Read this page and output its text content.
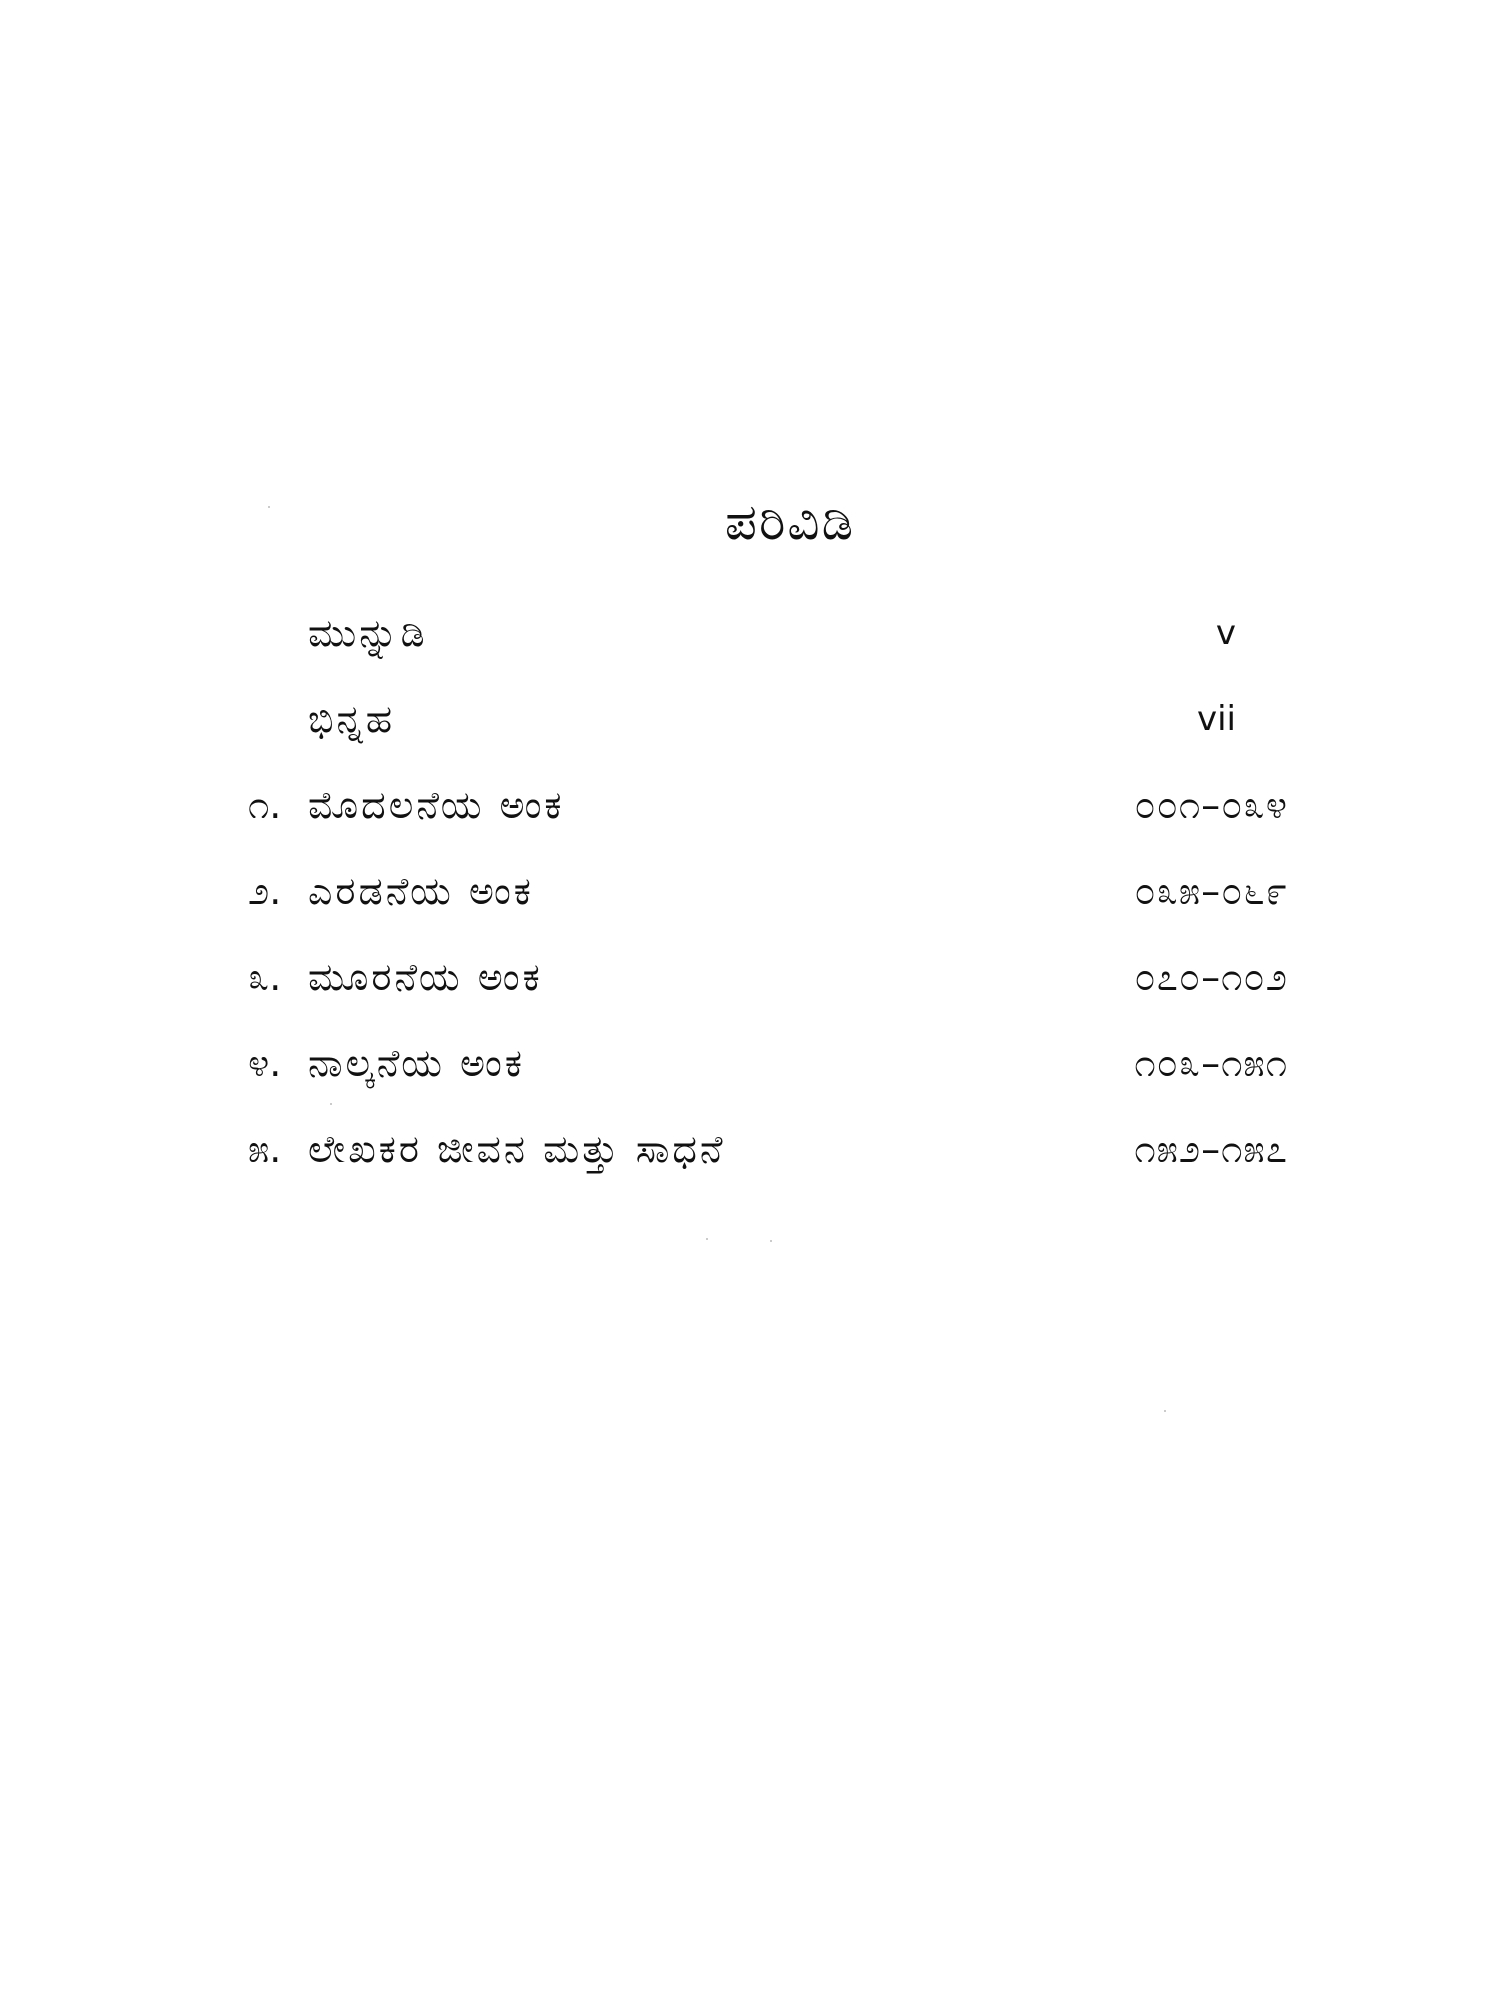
ಪರಿವಿಡಿ
ಮುನ್ನುಡಿ	v
ಭಿನ್ನಹ	vii
೧. ಮೊದಲನೆಯ ಅಂಕ	೦೦೧–೦೩೪
೨. ಎರಡನೆಯ ಅಂಕ	೦೩೫–೦೬೯
೩. ಮೂರನೆಯ ಅಂಕ	೦೭೦–೧೦೨
೪. ನಾಲ್ಕನೆಯ ಅಂಕ	೧೦೩–೧೫೧
೫. ಲೇಖಕರ ಜೀವನ ಮತ್ತು ಸಾಧನೆ	೧೫೨–೧೫೭
